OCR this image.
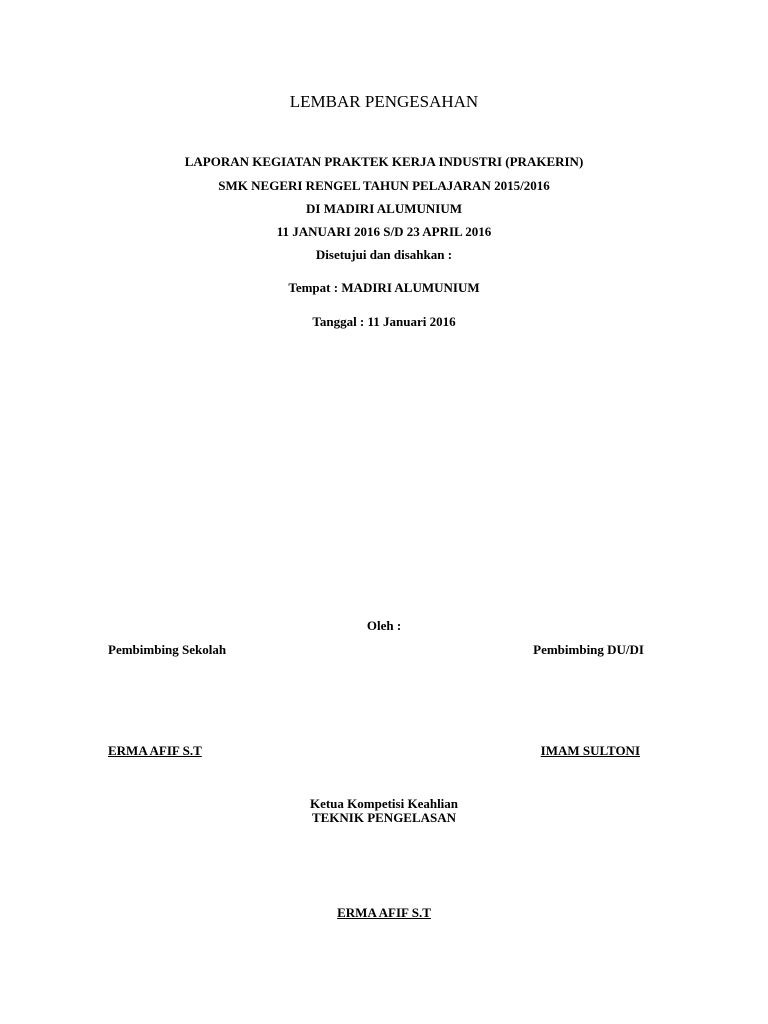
LEMBAR PENGESAHAN
LAPORAN KEGIATAN PRAKTEK KERJA INDUSTRI (PRAKERIN)
SMK NEGERI RENGEL TAHUN PELAJARAN 2015/2016
DI MADIRI ALUMUNIUM
11 JANUARI 2016 S/D 23 APRIL 2016
Disetujui dan disahkan :
Tempat : MADIRI ALUMUNIUM
Tanggal : 11 Januari 2016
Oleh :
Pembimbing Sekolah	Pembimbing DU/DI
ERMA AFIF S.T	IMAM SULTONI
Ketua Kompetisi Keahlian
TEKNIK PENGELASAN
ERMA AFIF S.T
